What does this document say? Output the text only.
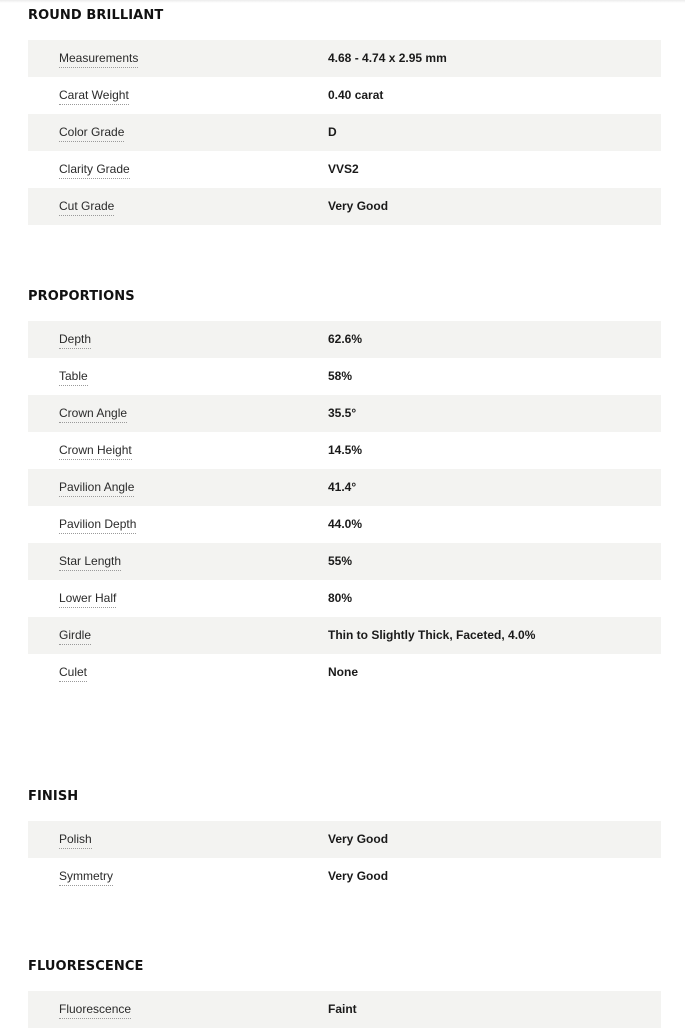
ROUND BRILLIANT
Measurements	4.68 - 4.74 x 2.95 mm
Carat Weight	0.40 carat
Color Grade	D
Clarity Grade	VVS2
Cut Grade	Very Good
PROPORTIONS
Depth	62.6%
Table	58%
Crown Angle	35.5°
Crown Height	14.5%
Pavilion Angle	41.4°
Pavilion Depth	44.0%
Star Length	55%
Lower Half	80%
Girdle	Thin to Slightly Thick, Faceted, 4.0%
Culet	None
FINISH
Polish	Very Good
Symmetry	Very Good
FLUORESCENCE
Fluorescence	Faint
